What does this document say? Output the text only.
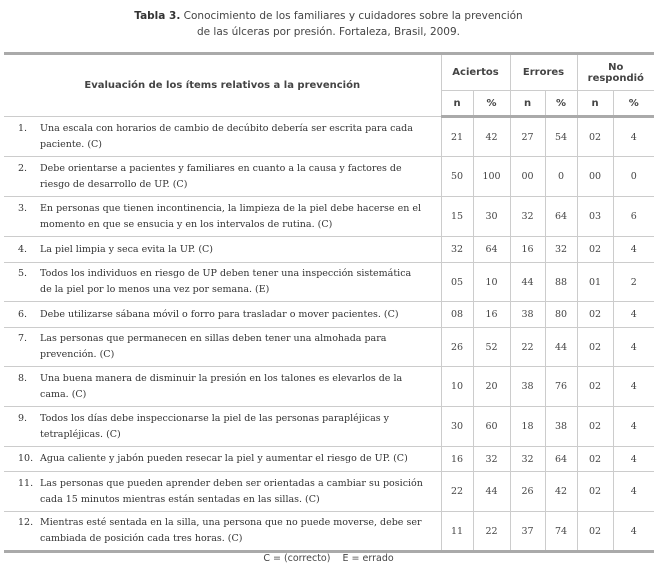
Tabla 3. Conocimiento de los familiares y cuidadores sobre la prevención
de las úlceras por presión. Fortaleza, Brasil, 2009.
Evaluación de los ítems relativos a la prevención	Aciertos		Errores		No respondió	
	n	%	n	%	n	%
1. Una escala con horarios de cambio de decúbito debería ser escrita para cada paciente. (C)	21	42	27	54	02	4
2. Debe orientarse a pacientes y familiares en cuanto a la causa y factores de riesgo de desarrollo de UP. (C)	50	100	00	0	00	0
3. En personas que tienen incontinencia, la limpieza de la piel debe hacerse en el momento en que se ensucia y en los intervalos de rutina. (C)	15	30	32	64	03	6
4. La piel limpia y seca evita la UP. (C)	32	64	16	32	02	4
5. Todos los individuos en riesgo de UP deben tener una inspección sistemática de la piel por lo menos una vez por semana. (E)	05	10	44	88	01	2
6. Debe utilizarse sábana móvil o forro para trasladar o mover pacientes. (C)	08	16	38	80	02	4
7. Las personas que permanecen en sillas deben tener una almohada para prevención. (C)	26	52	22	44	02	4
8. Una buena manera de disminuir la presión en los talones es elevarlos de la cama. (C)	10	20	38	76	02	4
9. Todos los días debe inspeccionarse la piel de las personas parapléjicas y tetrapléjicas. (C)	30	60	18	38	02	4
10. Agua caliente y jabón pueden resecar la piel y aumentar el riesgo de UP. (C)	16	32	32	64	02	4
11. Las personas que pueden aprender deben ser orientadas a cambiar su posición cada 15 minutos mientras están sentadas en las sillas. (C)	22	44	26	42	02	4
12. Mientras esté sentada en la silla, una persona que no puede moverse, debe ser cambiada de posición cada tres horas. (C)	11	22	37	74	02	4
C = (correcto)    E = errado
